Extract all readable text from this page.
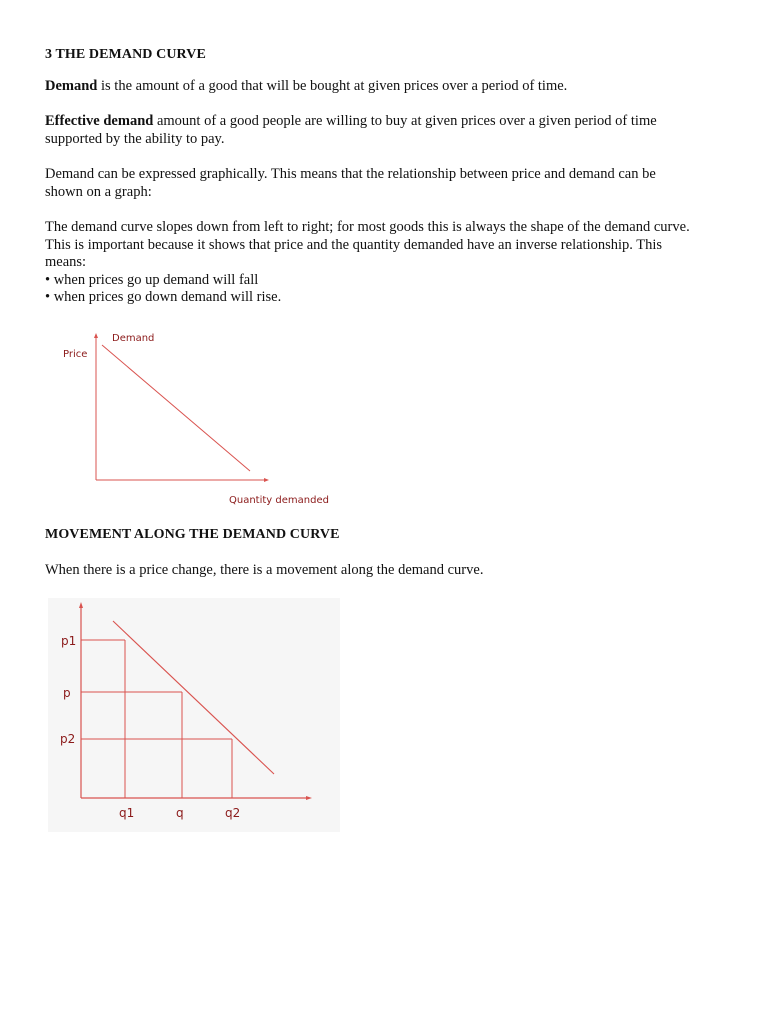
3 THE DEMAND CURVE
Demand is the amount of a good that will be bought at given prices over a period of time.
Effective demand amount of a good people are willing to buy at given prices over a given period of time
supported by the ability to pay.
Demand can be expressed graphically. This means that the relationship between price and demand can be
shown on a graph:
The demand curve slopes down from left to right; for most goods this is always the shape of the demand curve.
This is important because it shows that price and the quantity demanded have an inverse relationship. This
means:
• when prices go up demand will fall
• when prices go down demand will rise.
MOVEMENT ALONG THE DEMAND CURVE
When there is a price change, there is a movement along the demand curve.
Demand
Price
Quantity demanded
p1
p
p2
q1	q	q2
